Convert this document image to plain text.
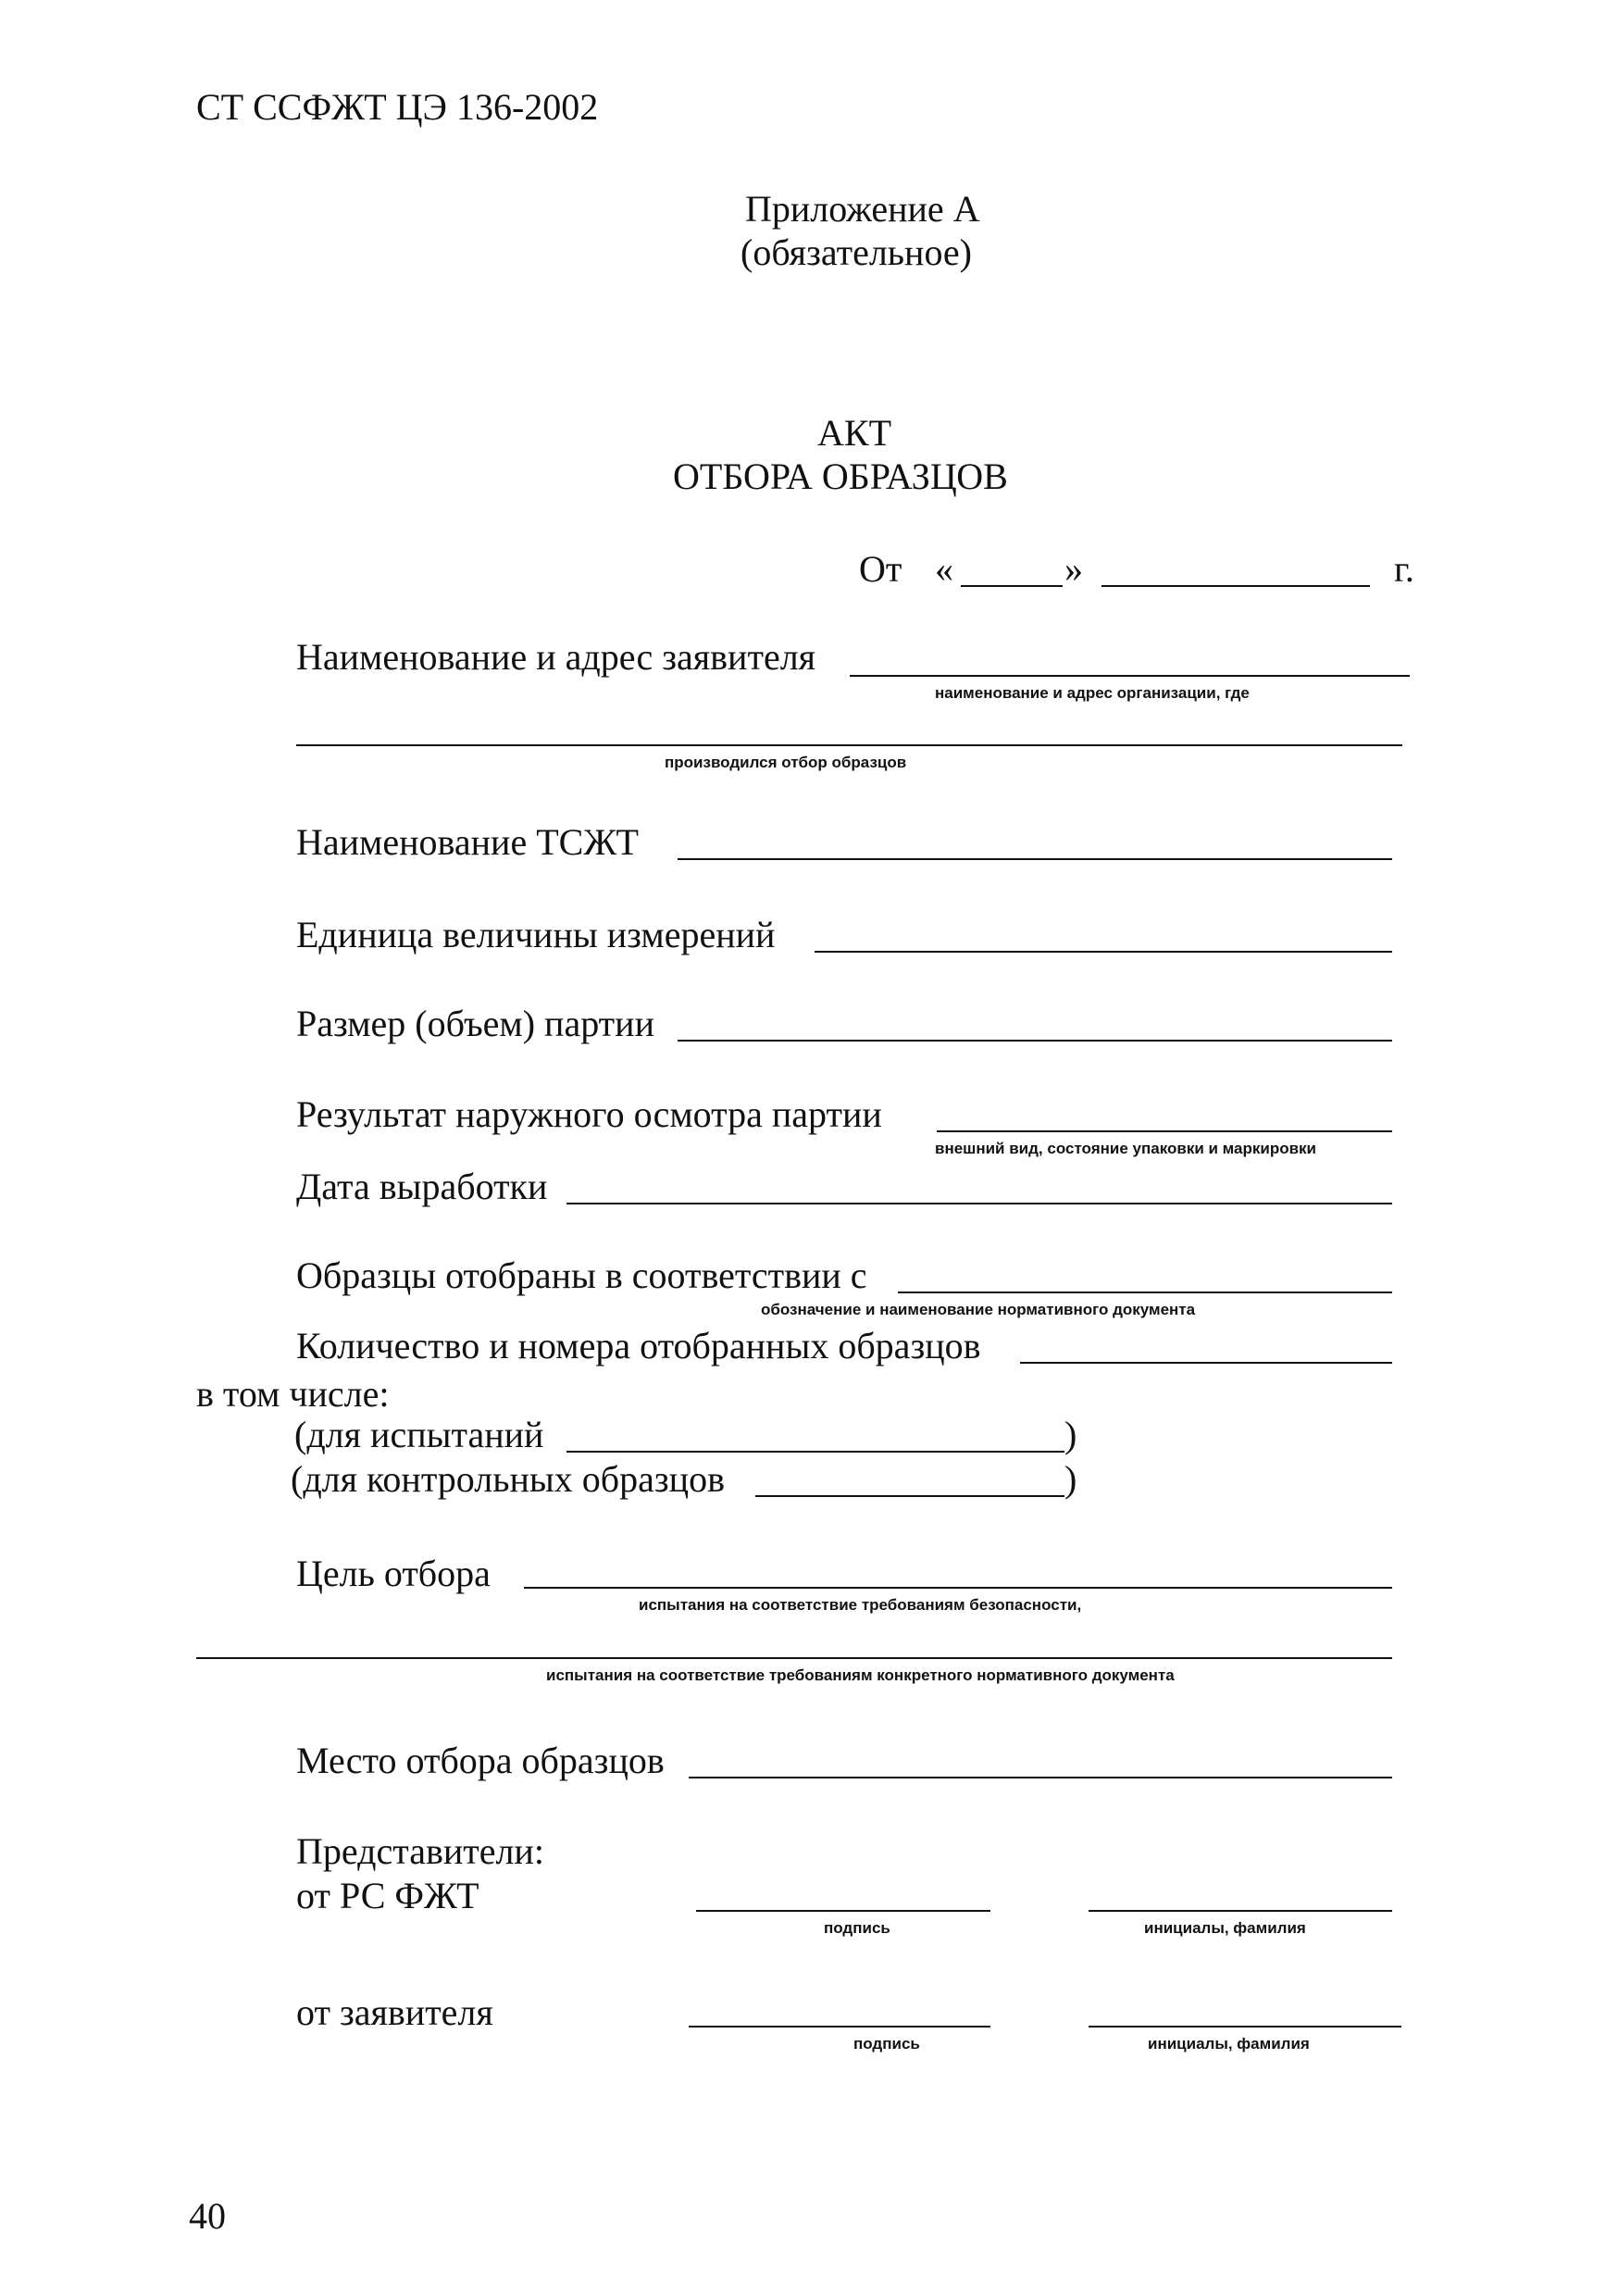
СТ ССФЖТ ЦЭ 136-2002
Приложение А
(обязательное)
АКТ
ОТБОРА ОБРАЗЦОВ
От «	»	г.
Наименование и адрес заявителя
наименование и адрес организации, где
производился отбор образцов
Наименование ТСЖТ
Единица величины измерений
Размер (объем) партии
Результат наружного осмотра партии
внешний вид, состояние упаковки и маркировки
Дата выработки
Образцы отобраны в соответствии с
обозначение и наименование нормативного документа
Количество и номера отобранных образцов
в том числе:
(для испытаний	)
(для контрольных образцов	)
Цель отбора
испытания на соответствие требованиям безопасности,
испытания на соответствие требованиям конкретного нормативного документа
Место отбора образцов
Представители:
от РС ФЖТ
подпись	инициалы, фамилия
от заявителя
подпись	инициалы, фамилия
40
